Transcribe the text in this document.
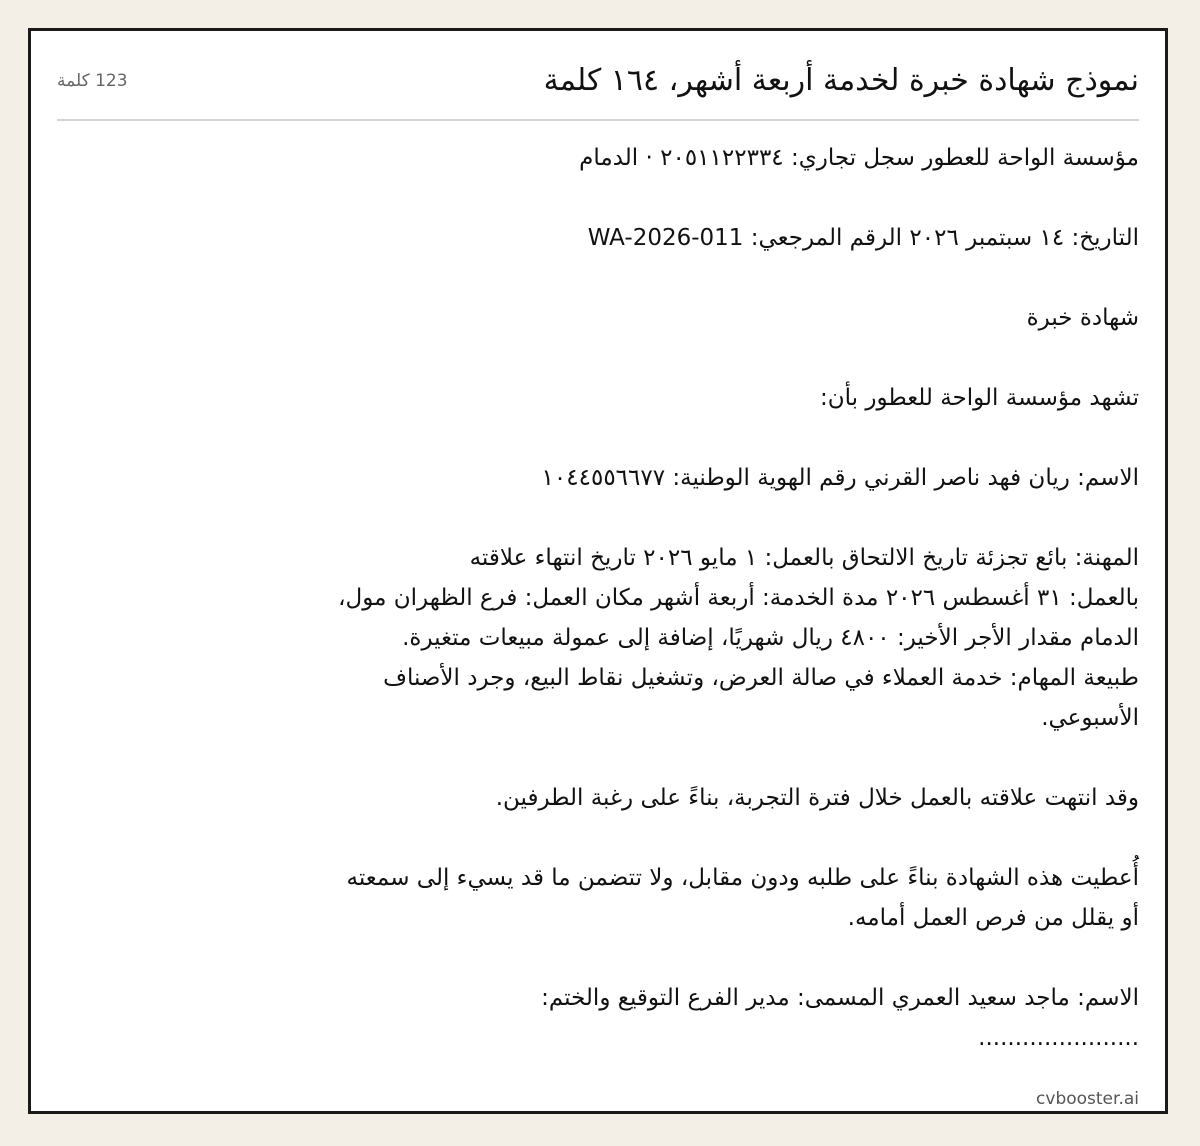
نموذج شهادة خبرة لخدمة أربعة أشهر، ١٦٤ كلمة
123 كلمة

مؤسسة الواحة للعطور سجل تجاري: ٢٠٥١١٢٢٣٣٤ · الدمام

التاريخ: ١٤ سبتمبر ٢٠٢٦ الرقم المرجعي: WA-2026-011

شهادة خبرة

تشهد مؤسسة الواحة للعطور بأن:

الاسم: ريان فهد ناصر القرني رقم الهوية الوطنية: ١٠٤٤٥٥٦٦٧٧

المهنة: بائع تجزئة تاريخ الالتحاق بالعمل: ١ مايو ٢٠٢٦ تاريخ انتهاء علاقته
بالعمل: ٣١ أغسطس ٢٠٢٦ مدة الخدمة: أربعة أشهر مكان العمل: فرع الظهران مول،
الدمام مقدار الأجر الأخير: ٤٨٠٠ ريال شهريًا، إضافة إلى عمولة مبيعات متغيرة.
طبيعة المهام: خدمة العملاء في صالة العرض، وتشغيل نقاط البيع، وجرد الأصناف
الأسبوعي.

وقد انتهت علاقته بالعمل خلال فترة التجربة، بناءً على رغبة الطرفين.

أُعطيت هذه الشهادة بناءً على طلبه ودون مقابل، ولا تتضمن ما قد يسيء إلى سمعته
أو يقلل من فرص العمل أمامه.

الاسم: ماجد سعيد العمري المسمى: مدير الفرع التوقيع والختم:
......................

cvbooster.ai
